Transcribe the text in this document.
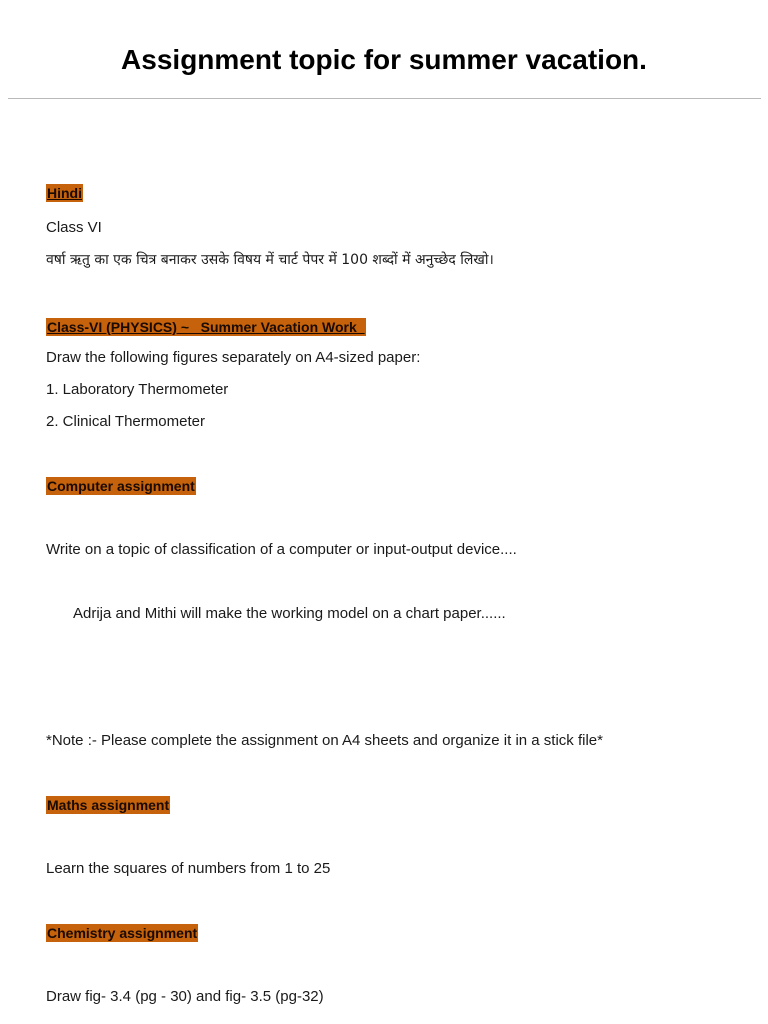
Assignment topic for summer vacation.
Hindi
Class VI
वर्षा ऋतु का एक चित्र बनाकर उसके विषय में चार्ट पेपर में 100 शब्दों में अनुच्छेद लिखो।
Class-VI (PHYSICS) ~ _Summer Vacation Work_
Draw the following figures separately on A4-sized paper:
1. Laboratory Thermometer
2. Clinical Thermometer
Computer assignment
Write on a topic of classification of a computer or input-output device....
Adrija and Mithi will make the working model on a chart paper......
*Note :- Please complete the assignment on A4 sheets and organize it in a stick file*
Maths assignment
Learn the squares of numbers from 1 to 25
Chemistry assignment
Draw fig- 3.4 (pg - 30) and fig- 3.5 (pg-32)
